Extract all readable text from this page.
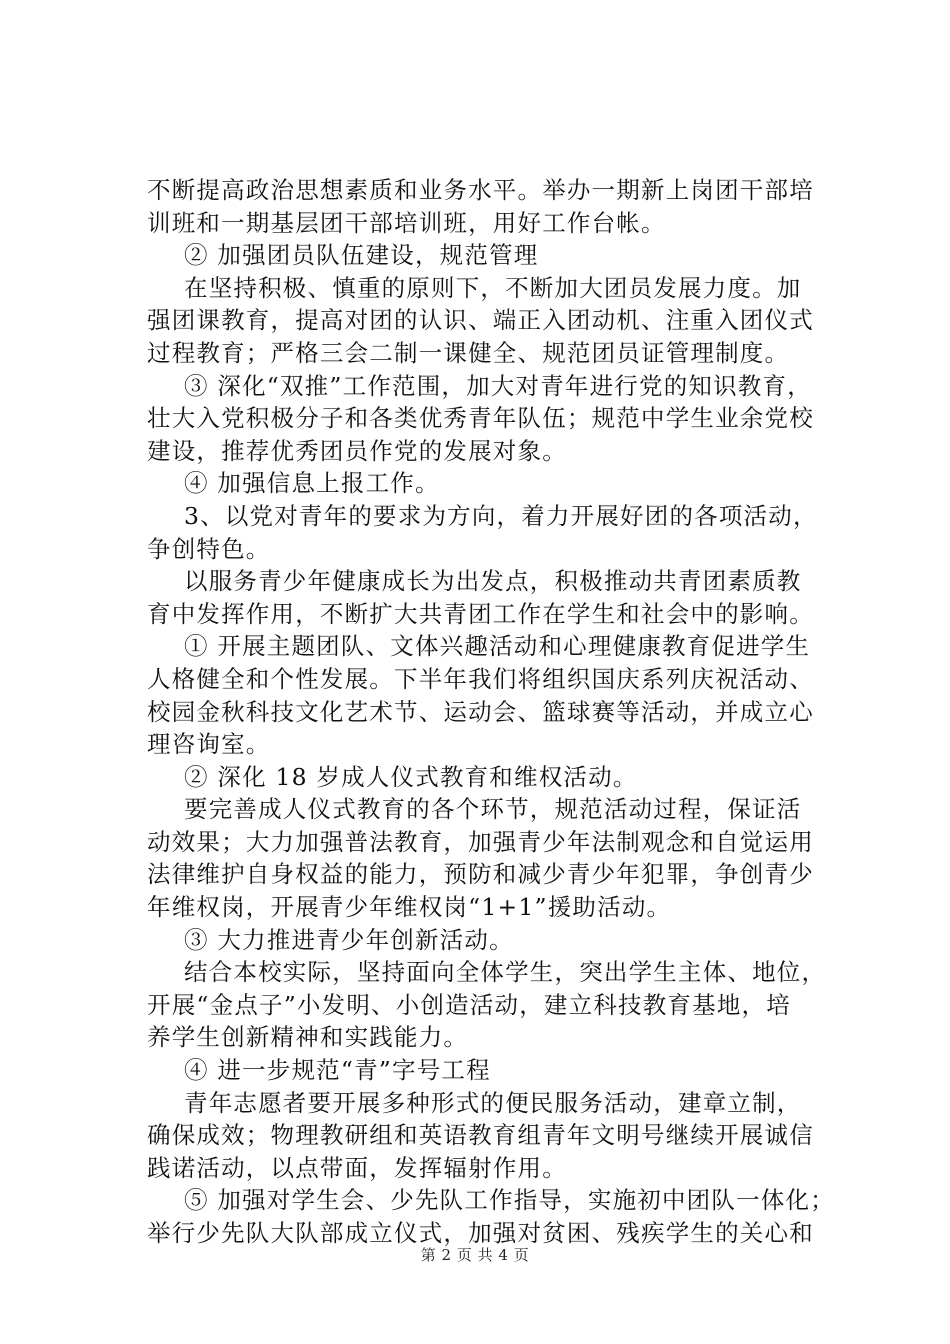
不断提高政治思想素质和业务水平。举办一期新上岗团干部培
训班和一期基层团干部培训班，用好工作台帐。
② 加强团员队伍建设，规范管理
在坚持积极、慎重的原则下，不断加大团员发展力度。加
强团课教育，提高对团的认识、端正入团动机、注重入团仪式
过程教育；严格三会二制一课健全、规范团员证管理制度。
③ 深化“双推”工作范围，加大对青年进行党的知识教育，
壮大入党积极分子和各类优秀青年队伍；规范中学生业余党校
建设，推荐优秀团员作党的发展对象。
④ 加强信息上报工作。
3、以党对青年的要求为方向，着力开展好团的各项活动，
争创特色。
以服务青少年健康成长为出发点，积极推动共青团素质教
育中发挥作用，不断扩大共青团工作在学生和社会中的影响。
① 开展主题团队、文体兴趣活动和心理健康教育促进学生
人格健全和个性发展。下半年我们将组织国庆系列庆祝活动、
校园金秋科技文化艺术节、运动会、篮球赛等活动，并成立心
理咨询室。
② 深化 18 岁成人仪式教育和维权活动。
要完善成人仪式教育的各个环节，规范活动过程，保证活
动效果；大力加强普法教育，加强青少年法制观念和自觉运用
法律维护自身权益的能力，预防和减少青少年犯罪，争创青少
年维权岗，开展青少年维权岗“1+1”援助活动。
③ 大力推进青少年创新活动。
结合本校实际，坚持面向全体学生，突出学生主体、地位，
开展“金点子”小发明、小创造活动，建立科技教育基地，培
养学生创新精神和实践能力。
④ 进一步规范“青”字号工程
青年志愿者要开展多种形式的便民服务活动，建章立制，
确保成效；物理教研组和英语教育组青年文明号继续开展诚信
践诺活动，以点带面，发挥辐射作用。
⑤ 加强对学生会、少先队工作指导，实施初中团队一体化；
举行少先队大队部成立仪式，加强对贫困、残疾学生的关心和
第 2 页 共 4 页
